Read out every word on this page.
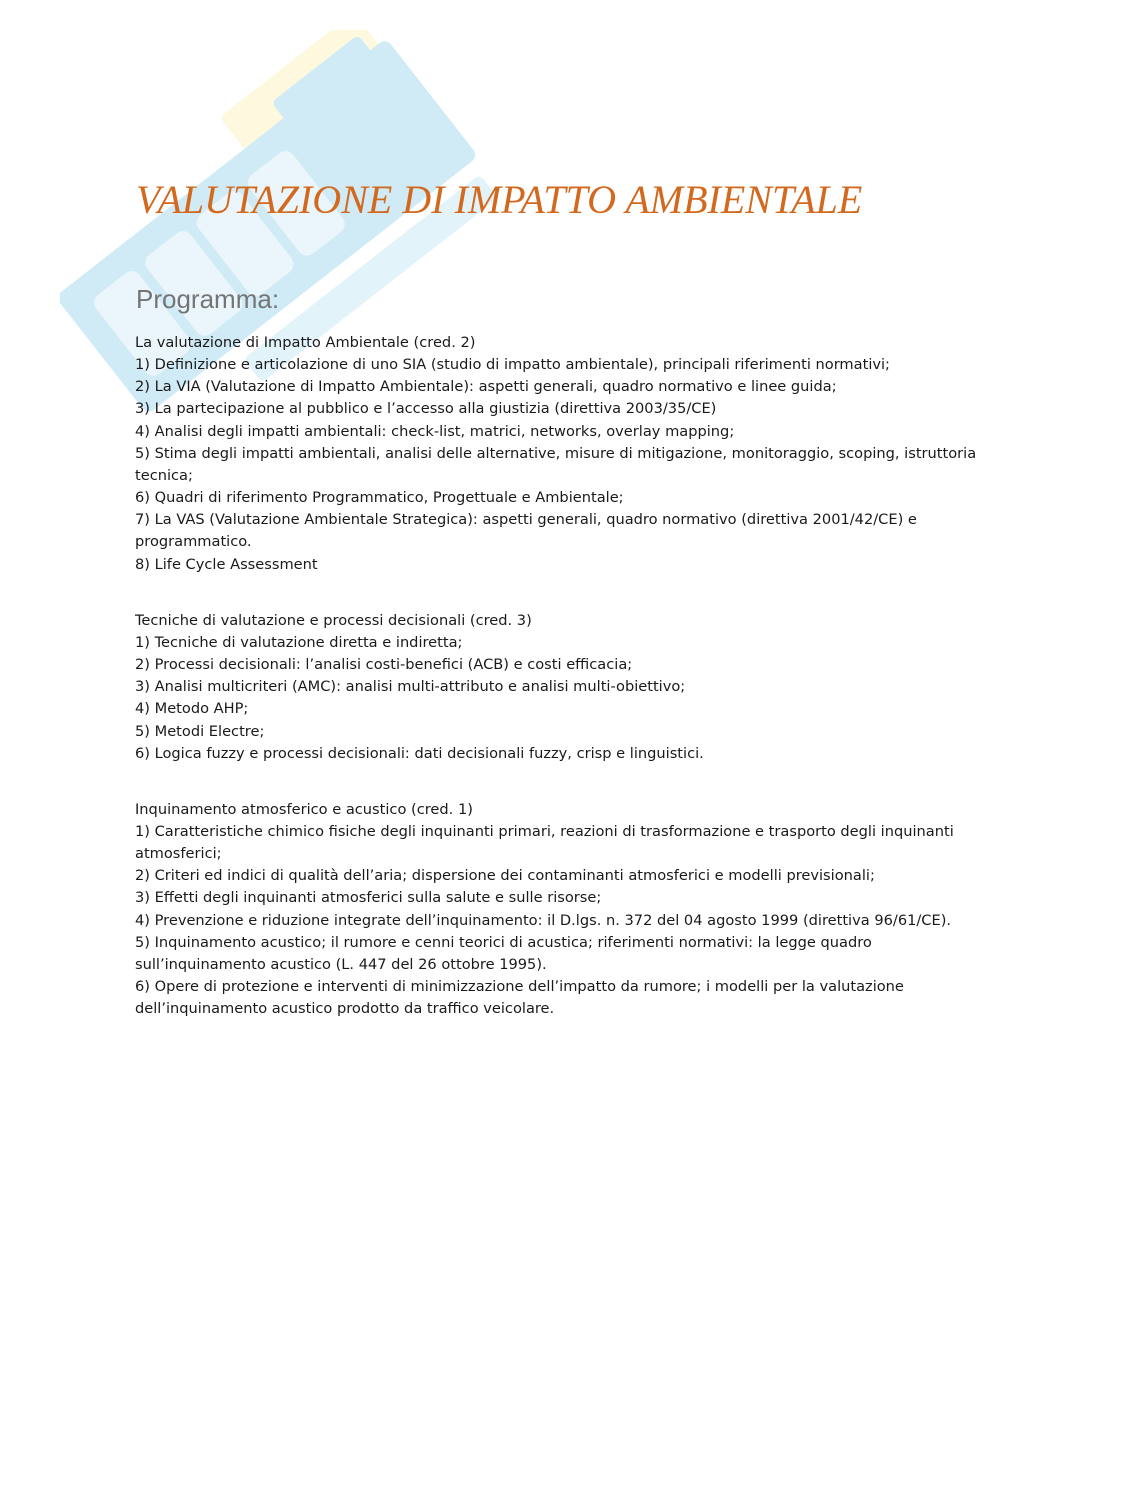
VALUTAZIONE DI IMPATTO AMBIENTALE
Programma:

La valutazione di Impatto Ambientale (cred. 2)

1) Definizione e articolazione di uno SIA (studio di impatto ambientale), principali riferimenti normativi;

2) La VIA (Valutazione di Impatto Ambientale): aspetti generali, quadro normativo e linee guida;

3) La partecipazione al pubblico e l’accesso alla giustizia (direttiva 2003/35/CE)

4) Analisi degli impatti ambientali: check-list, matrici, networks, overlay mapping;

5) Stima degli impatti ambientali, analisi delle alternative, misure di mitigazione, monitoraggio, scoping, istruttoria tecnica;

6) Quadri di riferimento Programmatico, Progettuale e Ambientale;

7) La VAS (Valutazione Ambientale Strategica): aspetti generali, quadro normativo (direttiva 2001/42/CE) e programmatico.

8) Life Cycle Assessment

Tecniche di valutazione e processi decisionali (cred. 3)

1) Tecniche di valutazione diretta e indiretta;

2) Processi decisionali: l’analisi costi-benefici (ACB) e costi efficacia;

3) Analisi multicriteri (AMC): analisi multi-attributo e analisi multi-obiettivo;

4) Metodo AHP;

5) Metodi Electre;

6) Logica fuzzy e processi decisionali: dati decisionali fuzzy, crisp e linguistici.

Inquinamento atmosferico e acustico (cred. 1)

1) Caratteristiche chimico fisiche degli inquinanti primari, reazioni di trasformazione e trasporto degli inquinanti atmosferici;

2) Criteri ed indici di qualità dell’aria; dispersione dei contaminanti atmosferici e modelli previsionali;

3) Effetti degli inquinanti atmosferici sulla salute e sulle risorse;

4) Prevenzione e riduzione integrate dell’inquinamento: il D.lgs. n. 372 del 04 agosto 1999 (direttiva 96/61/CE).

5) Inquinamento acustico; il rumore e cenni teorici di acustica; riferimenti normativi: la legge quadro sull’inquinamento acustico (L. 447 del 26 ottobre 1995).

6) Opere di protezione e interventi di minimizzazione dell’impatto da rumore; i modelli per la valutazione dell’inquinamento acustico prodotto da traffico veicolare.
